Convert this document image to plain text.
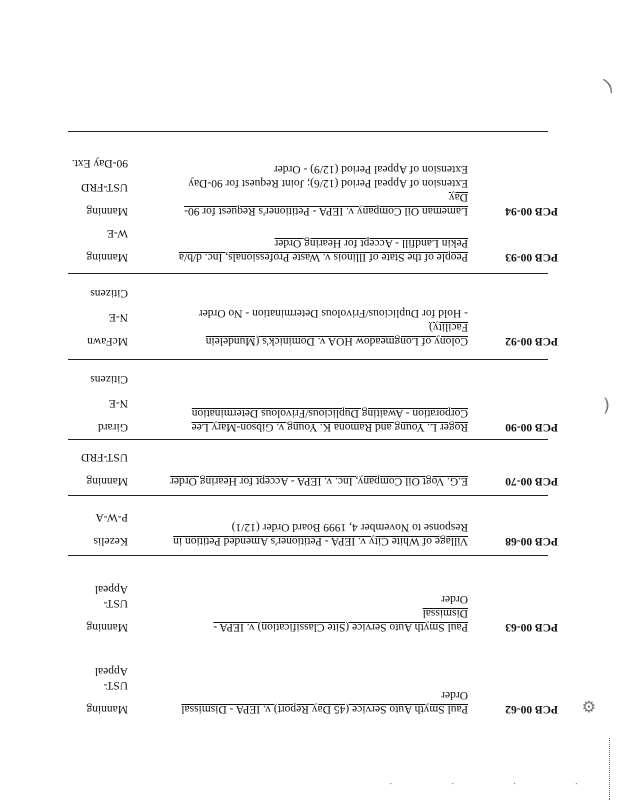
(
(
⚙
· · · ·
PCB 00-62
Paul Smyth Auto Service (45 Day Report) v. IEPA - Dismissal
Order
Manning
UST-
Appeal
PCB 00-63
Paul Smyth Auto Service (Site Classification) v. IEPA - Dismissal
Order
Manning
UST-
Appeal
PCB 00-68
Village of White City v. IEPA - Petitioner's Amended Petition in
Response to November 4, 1999 Board Order (12/1)
Kezelis
P-W-A
PCB 00-70
E.G. Vogt Oil Company, Inc. v. IEPA - Accept for Hearing Order
Manning
UST-FRD
PCB 00-90
Roger L. Young and Ramona K. Young v. Gibson-Mary Lee
Corporation - Awaiting Duplicious/Frivolous Determination
Girard
N-E
Citizens
PCB 00-92
Colony of Longmeadow HOA v. Dominick's (Mundelein Facility)
- Hold for Duplicious/Frivolous Determination - No Order
McFawn
N-E
Citizens
PCB 00-93
People of the State of Illinois v. Waste Professionals, Inc. d/b/a
Pekin Landfill - Accept for Hearing Order
Manning
W-E
PCB 00-94
Lameman Oil Company v. IEPA - Petitioner's Request for 90-Day
Extension of Appeal Period (12/6); Joint Request for 90-Day
Extension of Appeal Period (12/9) - Order
Manning
UST-FRD
90-Day Ext.
